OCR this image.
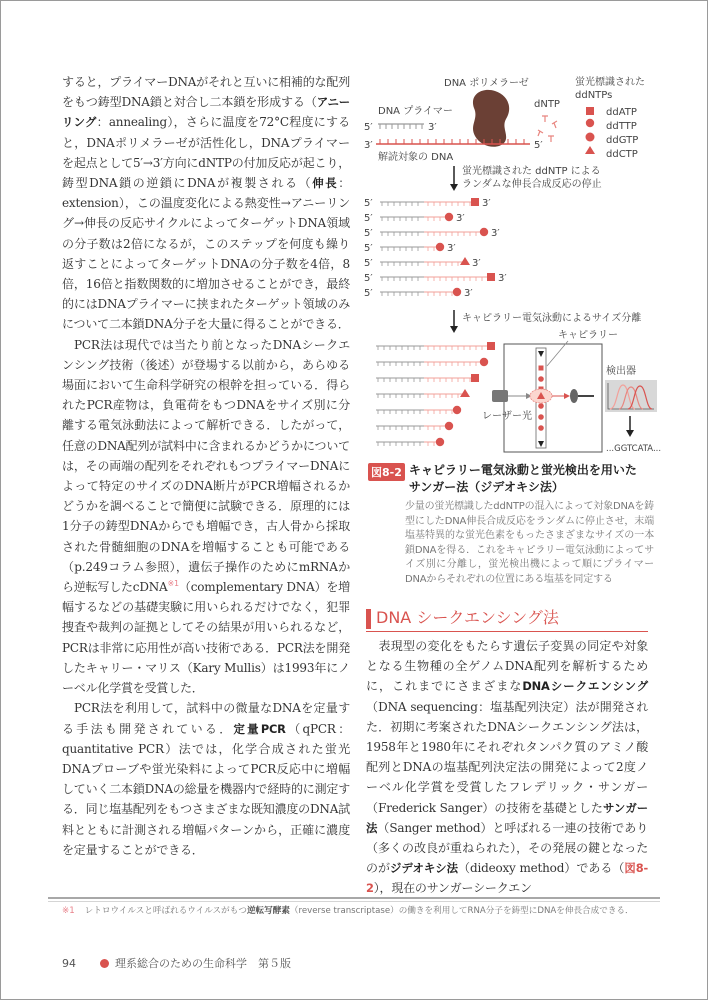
すると，プライマーDNAがそれと互いに相補的な配列をもつ鋳型DNA鎖と対合し二本鎖を形成する（アニーリング：annealing），さらに温度を72°C程度にすると，DNAポリメラーゼが活性化し，DNAプライマーを起点として5′→3′方向にdNTPの付加反応が起こり，鋳型DNA鎖の逆鎖にDNAが複製される（伸長：extension），この温度変化による熱変性→アニーリング→伸長の反応サイクルによってターゲットDNA領域の分子数は2倍になるが，このステップを何度も繰り返すことによってターゲットDNAの分子数を4倍，8倍，16倍と指数関数的に増加させることができ，最終的にはDNAプライマーに挟まれたターゲット領域のみについて二本鎖DNA分子を大量に得ることができる．

PCR法は現代では当たり前となったDNAシークエンシング技術（後述）が登場する以前から，あらゆる場面において生命科学研究の根幹を担っている．得られたPCR産物は，負電荷をもつDNAをサイズ別に分離する電気泳動法によって解析できる．したがって，任意のDNA配列が試料中に含まれるかどうかについては，その両端の配列をそれぞれもつプライマーDNAによって特定のサイズのDNA断片がPCR増幅されるかどうかを調べることで簡便に試験できる．原理的には1分子の鋳型DNAからでも増幅でき，古人骨から採取された骨髄細胞のDNAを増幅することも可能である（p.249コラム参照），遺伝子操作のためにmRNAから逆転写したcDNA$^{※1}$（complementary DNA）を増幅するなどの基礎実験に用いられるだけでなく，犯罪捜査や裁判の証拠としてその結果が用いられるなど，PCRは非常に応用性が高い技術である．PCR法を開発したキャリー・マリス（Kary Mullis）は1993年にノーベル化学賞を受賞した．

PCR法を利用して，試料中の微量なDNAを定量する手法も開発されている．定量PCR（qPCR：quantitative PCR）法では，化学合成された蛍光DNAプローブや蛍光染料によってPCR反応中に増幅していく二本鎖DNAの総量を機器内で経時的に測定する．同じ塩基配列をもつさまざまな既知濃度のDNA試料とともに計測される増幅パターンから，正確に濃度を定量することができる．

DNA ポリメラーゼ
dNTP
蛍光標識された
ddNTPs
ddATP
ddTTP
ddGTP
ddCTP
DNA プライマー
5′	3′
3′	5′
解読対象の DNA
蛍光標識された ddNTP による
ランダムな伸長合成反応の停止
5′	3′
5′	3′
5′	3′
5′	3′
5′	3′
5′	3′
5′	3′
キャピラリー電気泳動によるサイズ分離
キャピラリー
レーザー光
検出器
...GGTCATA...
図8-2 キャピラリー電気泳動と蛍光検出を用いたサンガー法（ジデオキシ法）
少量の蛍光標識したddNTPの混入によって対象DNAを鋳型にしたDNA伸長合成反応をランダムに停止させ，末端塩基特異的な蛍光色素をもったさまざまなサイズの一本鎖DNAを得る．これをキャピラリー電気泳動によってサイズ別に分離し，蛍光検出機によって順にプライマーDNAからそれぞれの位置にある塩基を同定する
DNA シークエンシング法

表現型の変化をもたらす遺伝子変異の同定や対象となる生物種の全ゲノムDNA配列を解析するために，これまでにさまざまなDNAシークエンシング（DNA sequencing：塩基配列決定）法が開発された．初期に考案されたDNAシークエンシング法は，1958年と1980年にそれぞれタンパク質のアミノ酸配列とDNAの塩基配列決定法の開発によって2度ノーベル化学賞を受賞したフレデリック・サンガー（Frederick Sanger）の技術を基礎としたサンガー法（Sanger method）と呼ばれる一連の技術であり（多くの改良が重ねられた），その発展の鍵となったのがジデオキシ法（dideoxy method）である（図8-2），現在のサンガーシークエン

※1 レトロウイルスと呼ばれるウイルスがもつ逆転写酵素（reverse transcriptase）の働きを利用してRNA分子を鋳型にDNAを伸長合成できる．
94	理系総合のための生命科学　第５版
